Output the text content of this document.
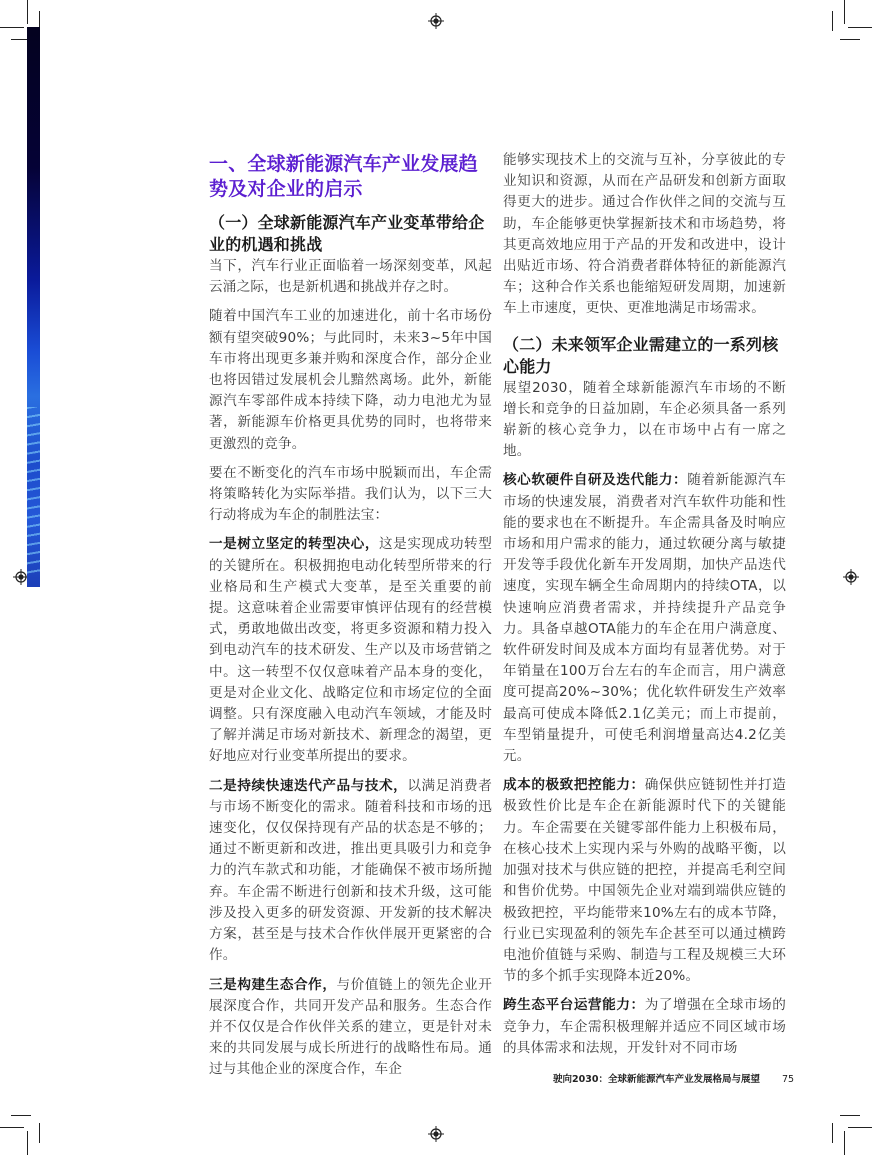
一、全球新能源汽车产业发展趋势及对企业的启示
（一）全球新能源汽车产业变革带给企业的机遇和挑战

当下，汽车行业正面临着一场深刻变革，风起云涌之际，也是新机遇和挑战并存之时。

随着中国汽车工业的加速进化，前十名市场份额有望突破90%；与此同时，未来3~5年中国车市将出现更多兼并购和深度合作，部分企业也将因错过发展机会儿黯然离场。此外，新能源汽车零部件成本持续下降，动力电池尤为显著，新能源车价格更具优势的同时，也将带来更激烈的竞争。

要在不断变化的汽车市场中脱颖而出，车企需将策略转化为实际举措。我们认为，以下三大行动将成为车企的制胜法宝：

一是树立坚定的转型决心，这是实现成功转型的关键所在。积极拥抱电动化转型所带来的行业格局和生产模式大变革，是至关重要的前提。这意味着企业需要审慎评估现有的经营模式，勇敢地做出改变，将更多资源和精力投入到电动汽车的技术研发、生产以及市场营销之中。这一转型不仅仅意味着产品本身的变化，更是对企业文化、战略定位和市场定位的全面调整。只有深度融入电动汽车领域，才能及时了解并满足市场对新技术、新理念的渴望，更好地应对行业变革所提出的要求。

二是持续快速迭代产品与技术，以满足消费者与市场不断变化的需求。随着科技和市场的迅速变化，仅仅保持现有产品的状态是不够的；通过不断更新和改进，推出更具吸引力和竞争力的汽车款式和功能，才能确保不被市场所抛弃。车企需不断进行创新和技术升级，这可能涉及投入更多的研发资源、开发新的技术解决方案，甚至是与技术合作伙伴展开更紧密的合作。

三是构建生态合作，与价值链上的领先企业开展深度合作，共同开发产品和服务。生态合作并不仅仅是合作伙伴关系的建立，更是针对未来的共同发展与成长所进行的战略性布局。通过与其他企业的深度合作，车企

能够实现技术上的交流与互补，分享彼此的专业知识和资源，从而在产品研发和创新方面取得更大的进步。通过合作伙伴之间的交流与互助，车企能够更快掌握新技术和市场趋势，将其更高效地应用于产品的开发和改进中，设计出贴近市场、符合消费者群体特征的新能源汽车；这种合作关系也能缩短研发周期，加速新车上市速度，更快、更准地满足市场需求。

（二）未来领军企业需建立的一系列核心能力

展望2030，随着全球新能源汽车市场的不断增长和竞争的日益加剧，车企必须具备一系列崭新的核心竞争力，以在市场中占有一席之地。

核心软硬件自研及迭代能力：随着新能源汽车市场的快速发展，消费者对汽车软件功能和性能的要求也在不断提升。车企需具备及时响应市场和用户需求的能力，通过软硬分离与敏捷开发等手段优化新车开发周期，加快产品迭代速度，实现车辆全生命周期内的持续OTA，以快速响应消费者需求，并持续提升产品竞争力。具备卓越OTA能力的车企在用户满意度、软件研发时间及成本方面均有显著优势。对于年销量在100万台左右的车企而言，用户满意度可提高20%~30%；优化软件研发生产效率最高可使成本降低2.1亿美元；而上市提前，车型销量提升，可使毛利润增量高达4.2亿美元。

成本的极致把控能力：确保供应链韧性并打造极致性价比是车企在新能源时代下的关键能力。车企需要在关键零部件能力上积极布局，在核心技术上实现内采与外购的战略平衡，以加强对技术与供应链的把控，并提高毛利空间和售价优势。中国领先企业对端到端供应链的极致把控，平均能带来10%左右的成本节降，行业已实现盈利的领先车企甚至可以通过横跨电池价值链与采购、制造与工程及规模三大环节的多个抓手实现降本近20%。

跨生态平台运营能力：为了增强在全球市场的竞争力，车企需积极理解并适应不同区域市场的具体需求和法规，开发针对不同市场

驶向2030：全球新能源汽车产业发展格局与展望 75
